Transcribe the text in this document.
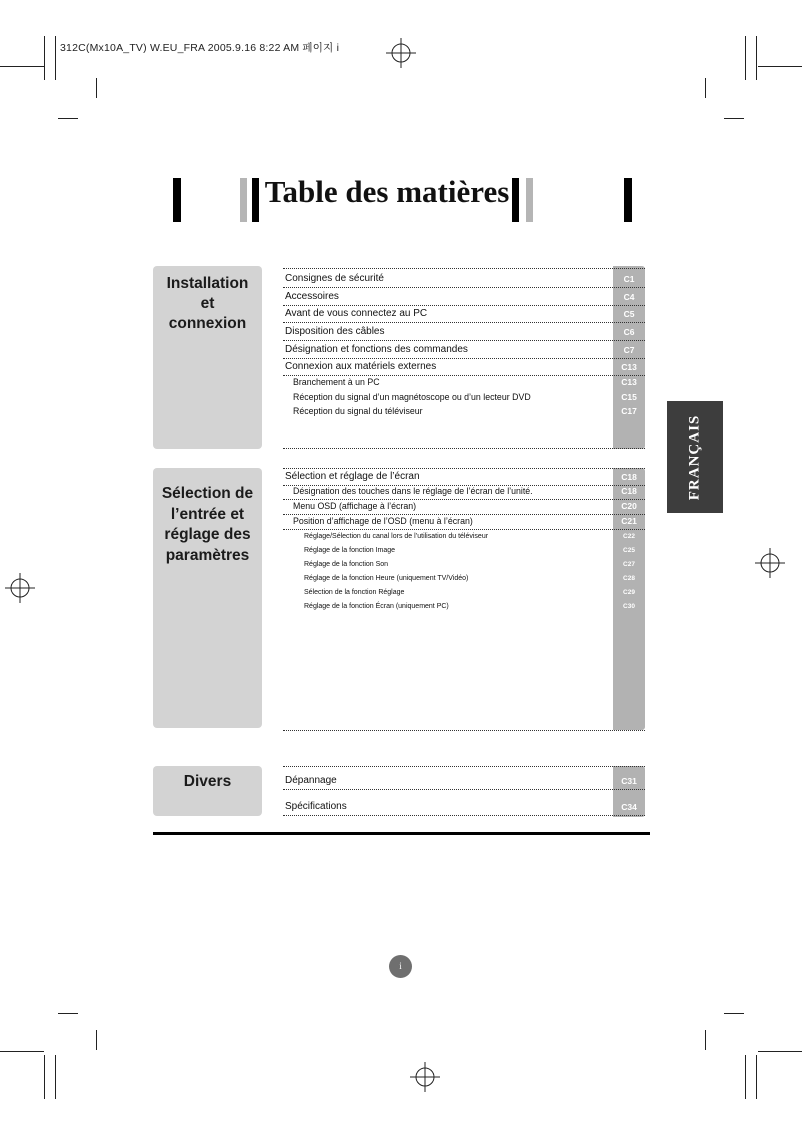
312C(Mx10A_TV) W.EU_FRA 2005.9.16 8:22 AM 페이지 i
Table des matières
Installation
et
connexion
Sélection de
l’entrée et
réglage des
paramètres
Divers
Consignes de sécurité	C1
Accessoires	C4
Avant de vous connectez au PC	C5
Disposition des câbles	C6
Désignation et fonctions des commandes	C7
Connexion aux matériels externes	C13
Branchement à un PC	C13
Réception du signal d’un magnétoscope ou d’un lecteur DVD	C15
Réception du signal du téléviseur	C17
Sélection et réglage de l’écran	C18
Désignation des touches dans le réglage de l’écran de l’unité.	C18
Menu OSD (affichage à l’écran)	C20
Position d’affichage de l’OSD (menu à l’écran)	C21
Réglage/Sélection du canal lors de l’utilisation du téléviseur	C22
Réglage de la fonction Image	C25
Réglage de la fonction Son	C27
Réglage de la fonction Heure (uniquement TV/Vidéo)	C28
Sélection de la fonction Réglage	C29
Réglage de la fonction Écran (uniquement PC)	C30
Dépannage	C31
Spécifications	C34
FRANÇAIS
i
